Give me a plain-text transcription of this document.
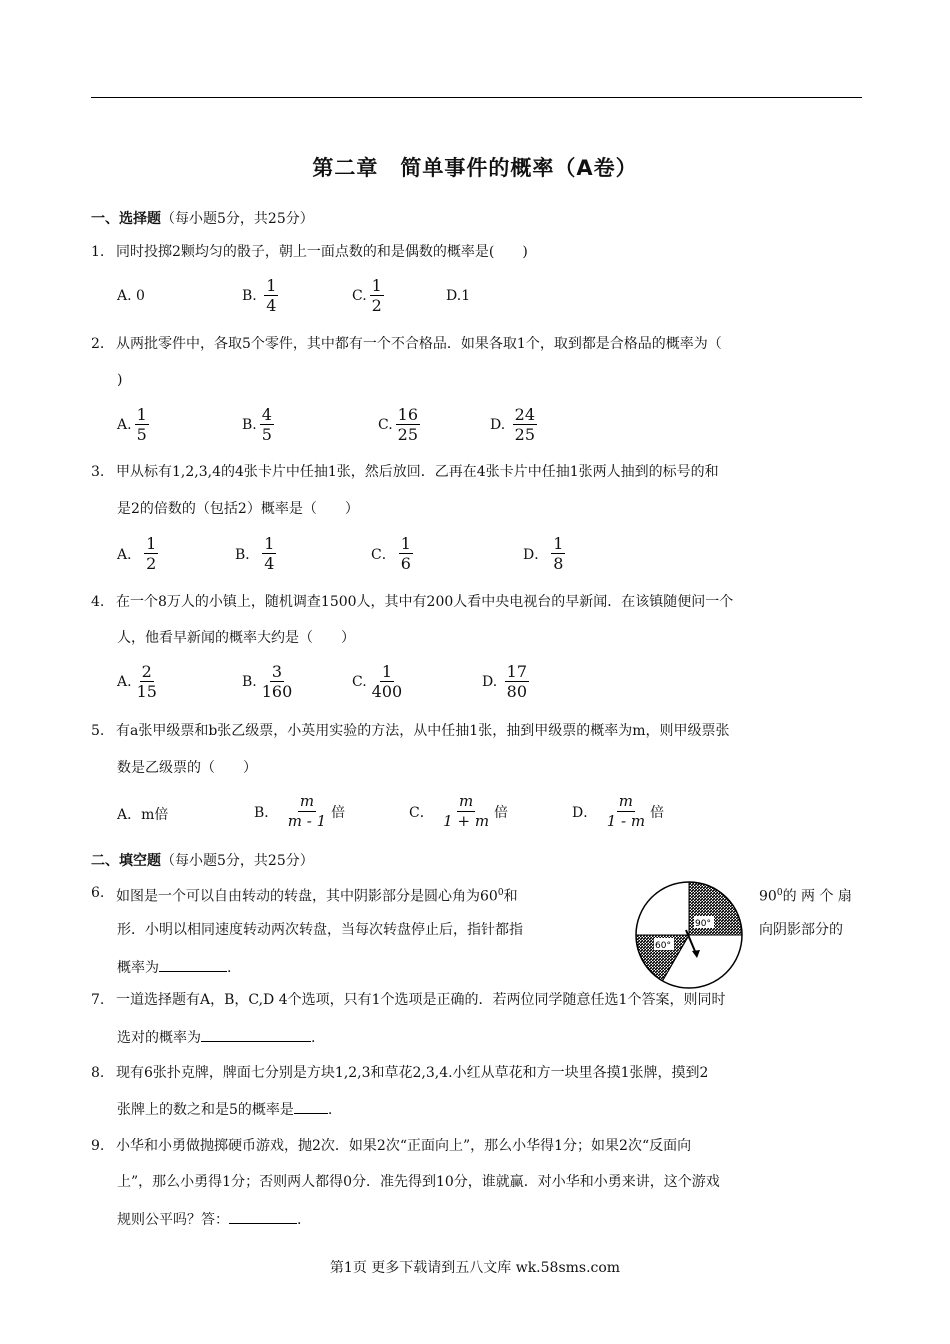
第二章　简单事件的概率（A卷）
一、选择题（每小题5分，共25分）
1. 同时投掷2颗均匀的骰子，朝上一面点数的和是偶数的概率是(　　)
A.
0	B.
$\frac{1}{4}$	C. $\frac{1}{2}$	D. 1
2. 从两批零件中，各取5个零件，其中都有一个不合格品．如果各取1个，取到都是合格品的概率为（
)
A. $\frac{1}{5}$	B. $\frac{4}{5}$	C. $\frac{16}{25}$	D.
$\frac{24}{25}$
3. 甲从标有1,2,3,4的4张卡片中任抽1张，然后放回．乙再在4张卡片中任抽1张两人抽到的标号的和
是2的倍数的（包括2）概率是（　　）
A． $\frac{1}{2}$	B． $\frac{1}{4}$	C． $\frac{1}{6}$	D． $\frac{1}{8}$
4. 在一个8万人的小镇上，随机调查1500人，其中有200人看中央电视台的早新闻．在该镇随便问一个
人，他看早新闻的概率大约是（　　）
A. $\frac{2}{15}$	B. $\frac{3}{160}$	C. $\frac{1}{400}$	D.
$\frac{17}{80}$
5. 有a张甲级票和b张乙级票，小英用实验的方法，从中任抽1张，抽到甲级票的概率为m，则甲级票张
数是乙级票的（　　）
A．m倍	B．
$\frac{m}{m - 1}$ 倍	C．
$\frac{m}{1 + m}$ 倍	D．
$\frac{m}{1 - m}$ 倍
二、填空题（每小题5分，共25分）
6. 如图是一个可以自由转动的转盘，其中阴影部分是圆心角为$60^0$和	$90^0$的 两 个 扇
形．小明以相同速度转动两次转盘，当每次转盘停止后，指针都指	向阴影部分的
概率为	.
90°
60°
7. 一道选择题有A，B，C,D 4个选项，只有1个选项是正确的．若两位同学随意任选1个答案，则同时
选对的概率为	.
8. 现有6张扑克牌，牌面七分别是方块1,2,3和草花2,3,4.小红从草花和方一块里各摸1张牌，摸到2
张牌上的数之和是5的概率是 .
9. 小华和小勇做抛掷硬币游戏，抛2次．如果2次“正面向上”，那么小华得1分；如果2次“反面向
上”，那么小勇得1分；否则两人都得0分．准先得到10分，谁就赢．对小华和小勇来讲，这个游戏
规则公平吗？答：	.
第1页 更多下载请到五八文库 wk.58sms.com
